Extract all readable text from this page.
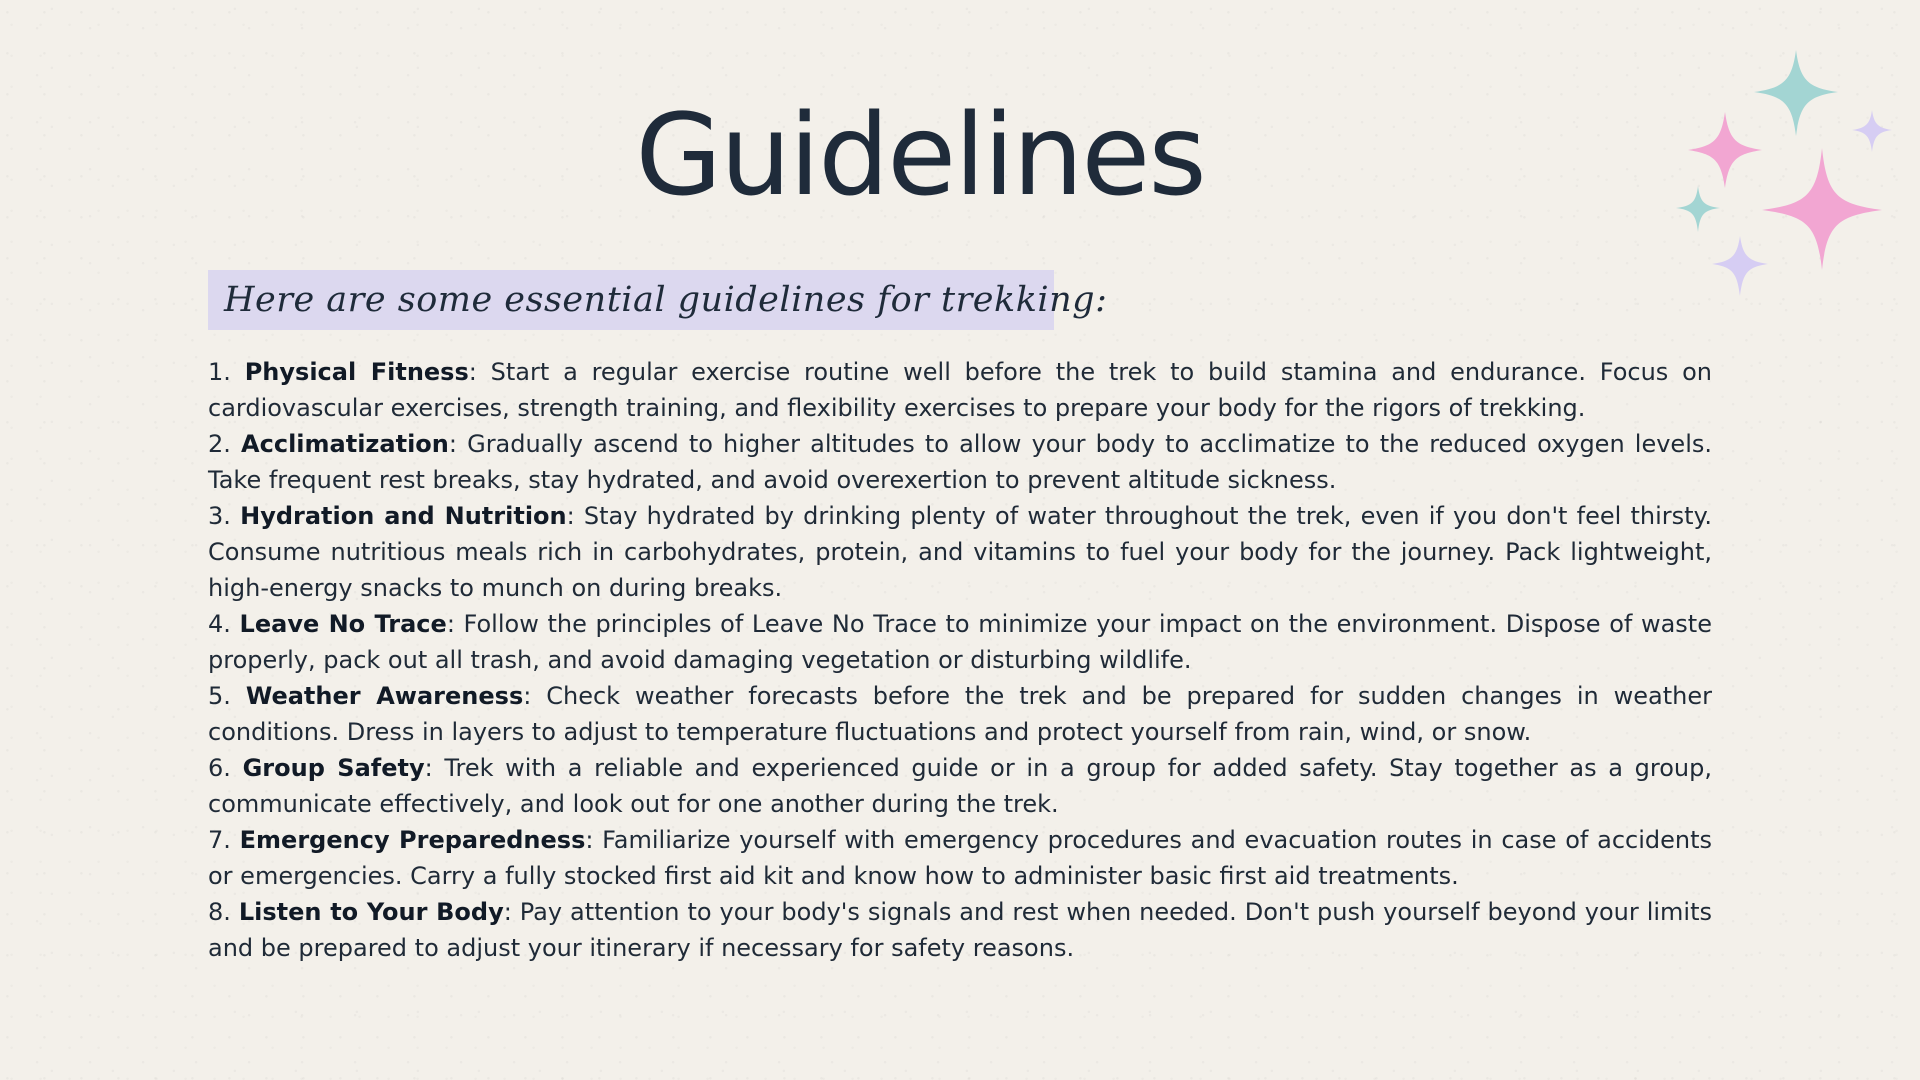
Guidelines
Here are some essential guidelines for trekking:
1. Physical Fitness: Start a regular exercise routine well before the trek to build stamina and endurance. Focus on cardiovascular exercises, strength training, and flexibility exercises to prepare your body for the rigors of trekking.
2. Acclimatization: Gradually ascend to higher altitudes to allow your body to acclimatize to the reduced oxygen levels. Take frequent rest breaks, stay hydrated, and avoid overexertion to prevent altitude sickness.
3. Hydration and Nutrition: Stay hydrated by drinking plenty of water throughout the trek, even if you don't feel thirsty. Consume nutritious meals rich in carbohydrates, protein, and vitamins to fuel your body for the journey. Pack lightweight, high-energy snacks to munch on during breaks.
4. Leave No Trace: Follow the principles of Leave No Trace to minimize your impact on the environment. Dispose of waste properly, pack out all trash, and avoid damaging vegetation or disturbing wildlife.
5. Weather Awareness: Check weather forecasts before the trek and be prepared for sudden changes in weather conditions. Dress in layers to adjust to temperature fluctuations and protect yourself from rain, wind, or snow.
6. Group Safety: Trek with a reliable and experienced guide or in a group for added safety. Stay together as a group, communicate effectively, and look out for one another during the trek.
7. Emergency Preparedness: Familiarize yourself with emergency procedures and evacuation routes in case of accidents or emergencies. Carry a fully stocked first aid kit and know how to administer basic first aid treatments.
8. Listen to Your Body: Pay attention to your body's signals and rest when needed. Don't push yourself beyond your limits and be prepared to adjust your itinerary if necessary for safety reasons.
